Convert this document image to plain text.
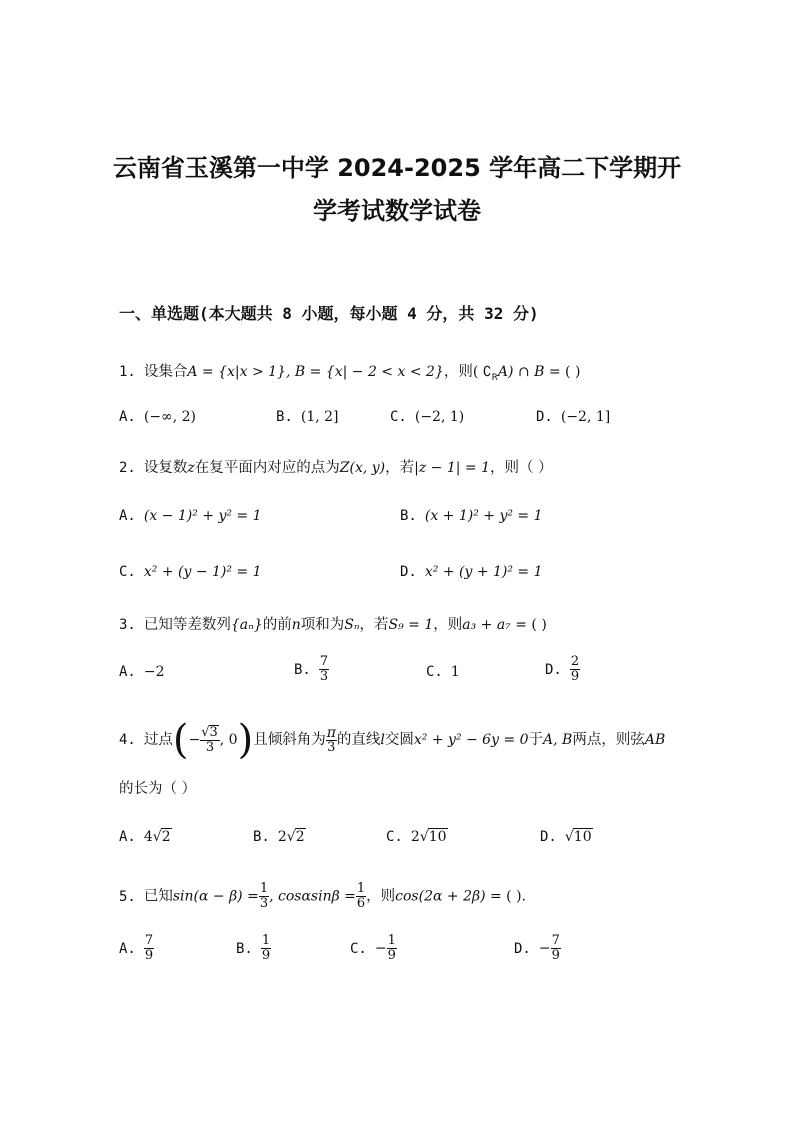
云南省玉溪第一中学 2024-2025 学年高二下学期开
学考试数学试卷
一、单选题(本大题共 8 小题，每小题 4 分，共 32 分)
1. 设集合A = {x|x > 1}, B = {x| − 2 < x < 2}，则( $∁_RA$) ∩ B = ( )
A. (−∞, 2)	B. (1, 2]	C. (−2, 1)	D. (−2, 1]
2. 设复数z在复平面内对应的点为Z(x, y)，若|z − 1| = 1，则（ ）
A. (x − 1)² + y² = 1	B. (x + 1)² + y² = 1
C. x² + (y − 1)² = 1	D. x² + (y + 1)² = 1
3. 已知等差数列{aₙ}的前n项和为Sₙ，若S₉ = 1，则a₃ + a₇ = ( )
A. −2	B. $\frac{7}{3}$	C. 1	D. $\frac{2}{9}$
4. 过点(− $\frac{√3}{3}$ , 0)且倾斜角为 $\frac{\pi}{3}$ 的直线l交圆x² + y² − 6y = 0于A, B两点，则弦AB
的长为（ ）
A. 4√2	B. 2√2	C. 2√10	D. √10
5. 已知$\sin(\alpha - \beta) = \frac{1}{3}$ , $\cos\alpha\sin\beta = \frac{1}{6}$ ，则cos(2α + 2β) = ( ).
A. $\frac{7}{9}$	B. $\frac{1}{9}$	C. − $\frac{1}{9}$	D. − $\frac{7}{9}$
